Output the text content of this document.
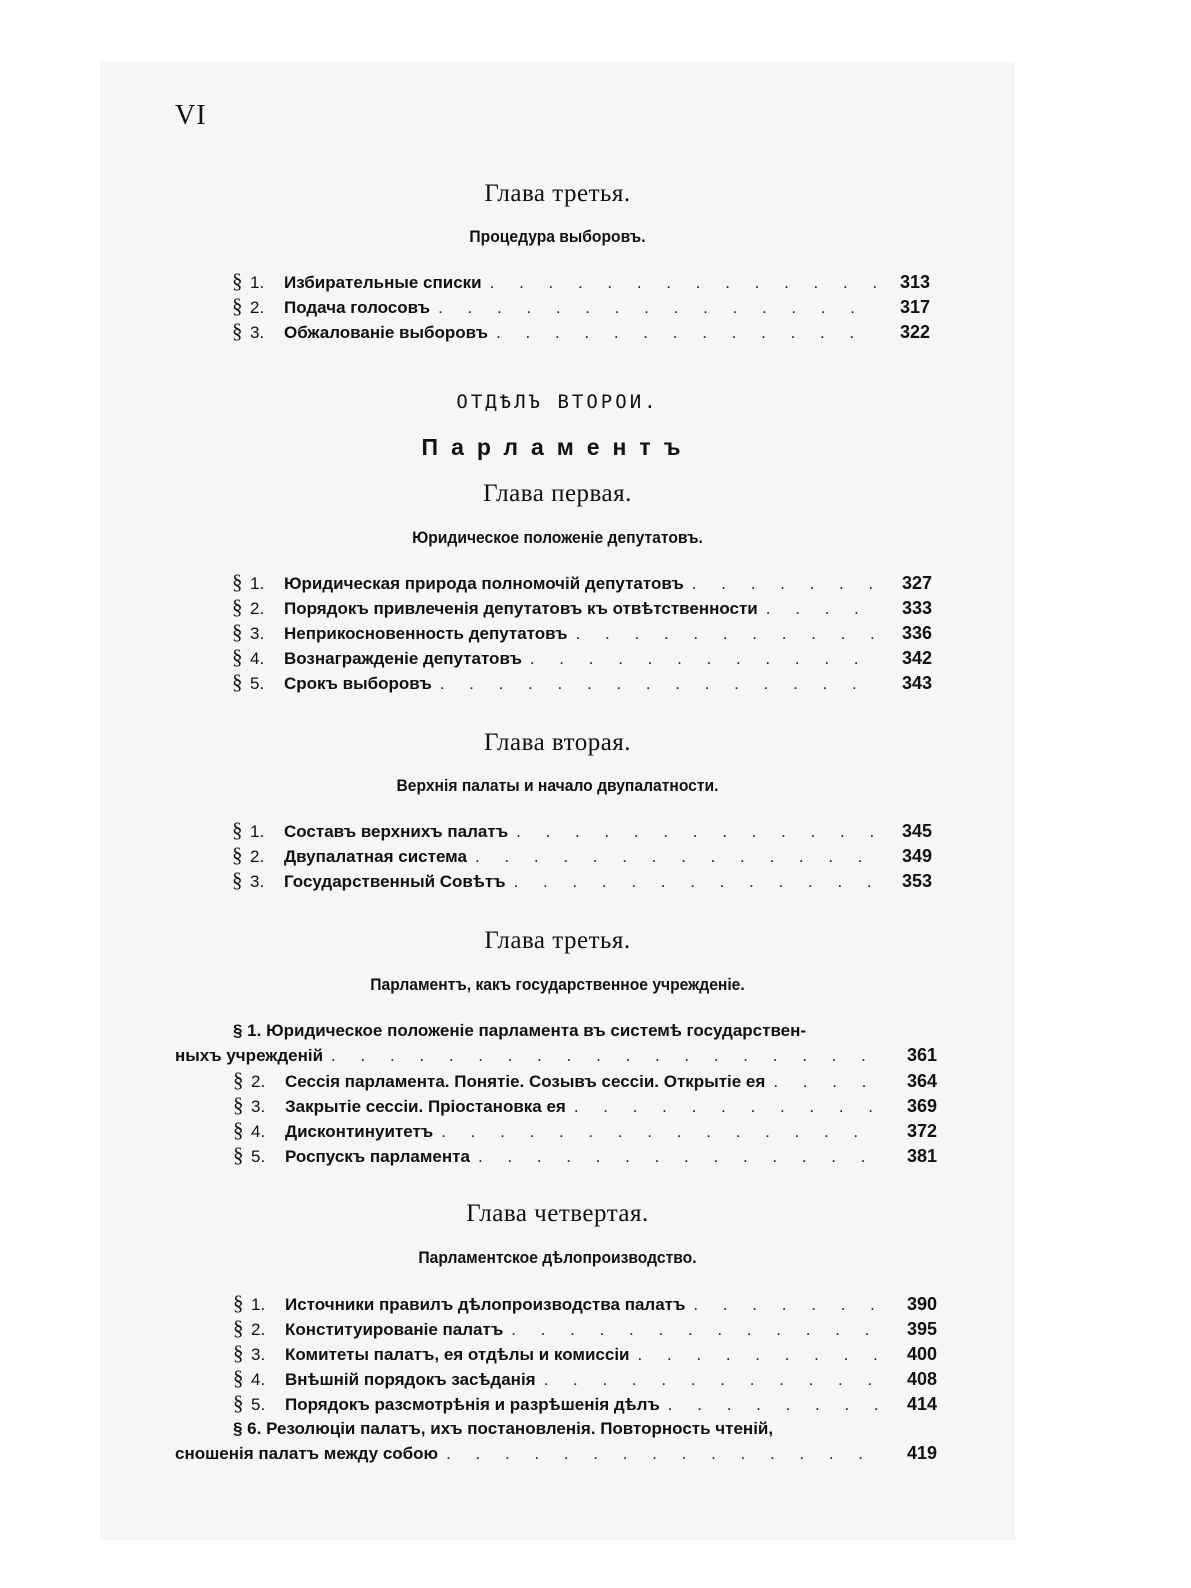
VI
Глава третья.
Процедура выборовъ.
§ 1.	Избирательные списки . . .	313
§ 2.	Подача голосовъ . . .	317
§ 3.	Обжалованіе выборовъ . . .	322
ОТДѢЛЪ ВТОРОИ.
Парламентъ
Глава первая.
Юридическое положеніе депутатовъ.
§ 1.	Юридическая природа полномочій депутатовъ . . .	327
§ 2.	Порядокъ привлеченія депутатовъ къ отвѣтственности . . .	333
§ 3.	Неприкосновенность депутатовъ . . .	336
§ 4.	Вознагражденіе депутатовъ . . .	342
§ 5.	Срокъ выборовъ . . .	343
Глава вторая.
Верхнія палаты и начало двупалатности.
§ 1.	Составъ верхнихъ палатъ . . .	345
§ 2.	Двупалатная система . . .	349
§ 3.	Государственный Совѣтъ . . .	353
Глава третья.
Парламентъ, какъ государственное учрежденіе.
§ 1. Юридическое положеніе парламента въ системѣ государствен-
ныхъ учрежденій . . .	361
§ 2.	Сессія парламента. Понятіе. Созывъ сессіи. Открытіе ея . . .	364
§ 3.	Закрытіе сессіи. Пріостановка ея . . .	369
§ 4.	Дисконтинуитетъ . . .	372
§ 5.	Роспускъ парламента . . .	381
Глава четвертая.
Парламентское дѣлопроизводство.
§ 1.	Источники правилъ дѣлопроизводства палатъ . . .	390
§ 2.	Конституированіе палатъ . . .	395
§ 3.	Комитеты палатъ, ея отдѣлы и комиссіи . . .	400
§ 4.	Внѣшній порядокъ засѣданія . . .	408
§ 5.	Порядокъ разсмотрѣнія и разрѣшенія дѣлъ . . .	414
§ 6. Резолюціи палатъ, ихъ постановленія. Повторность чтеній,
сношенія палатъ между собою . . .	419
